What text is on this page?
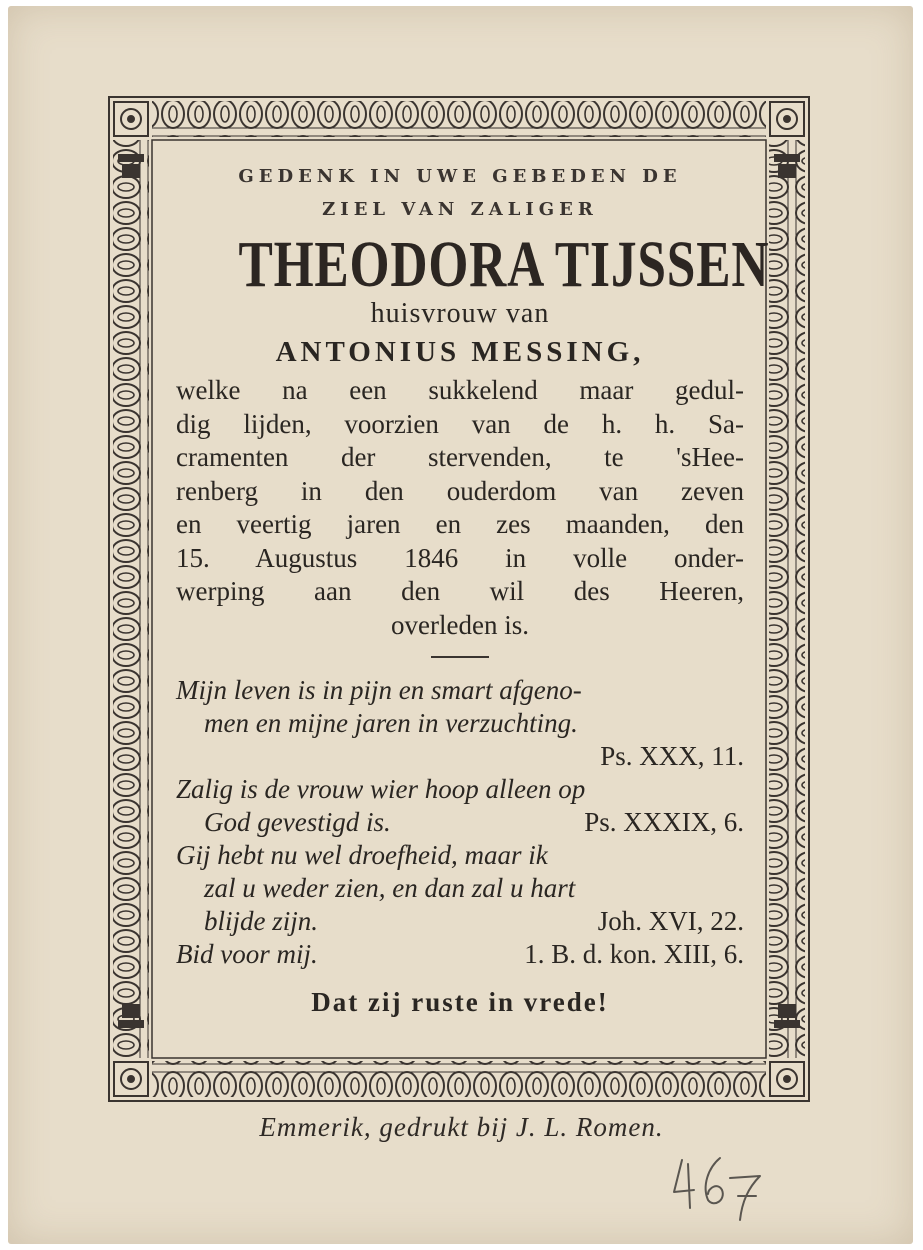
GEDENK IN UWE GEBEDEN DE
ZIEL VAN ZALIGER
THEODORA TIJSSEN
huisvrouw van
ANTONIUS MESSING,
welke na een sukkelend maar gedul-
dig lijden, voorzien van de h. h. Sa-
cramenten der stervenden, te 'sHee-
renberg in den ouderdom van zeven
en veertig jaren en zes maanden, den
15. Augustus 1846 in volle onder-
werping aan den wil des Heeren,
overleden is.
Mijn leven is in pijn en smart afgeno-
men en mijne jaren in verzuchting.
Ps. XXX, 11.
Zalig is de vrouw wier hoop alleen op
God gevestigd is.	Ps. XXXIX, 6.
Gij hebt nu wel droefheid, maar ik
zal u weder zien, en dan zal u hart
blijde zijn.	Joh. XVI, 22.
Bid voor mij.	1. B. d. kon. XIII, 6.
Dat zij ruste in vrede!
Emmerik, gedrukt bij J. L. Romen.
